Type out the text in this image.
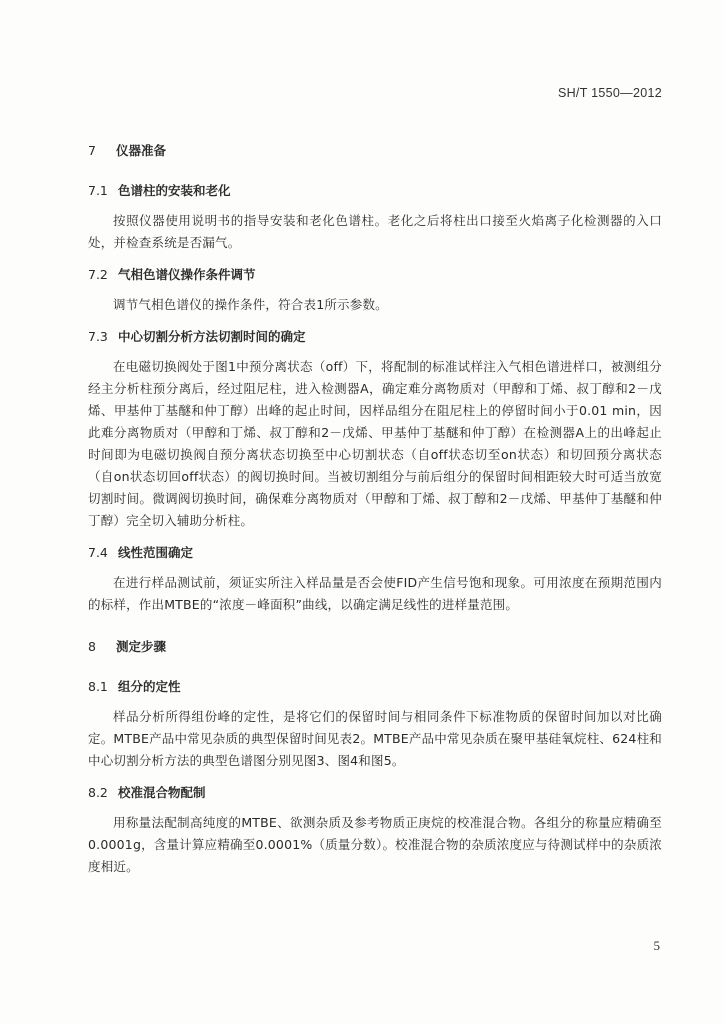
SH/T 1550—2012
7 仪器准备
7.1 色谱柱的安装和老化

按照仪器使用说明书的指导安装和老化色谱柱。老化之后将柱出口接至火焰离子化检测器的入口处，并检查系统是否漏气。

7.2 气相色谱仪操作条件调节

调节气相色谱仪的操作条件，符合表1所示参数。

7.3 中心切割分析方法切割时间的确定

在电磁切换阀处于图1中预分离状态（off）下，将配制的标准试样注入气相色谱进样口，被测组分经主分析柱预分离后，经过阻尼柱，进入检测器A，确定难分离物质对（甲醇和丁烯、叔丁醇和2－戊烯、甲基仲丁基醚和仲丁醇）出峰的起止时间，因样品组分在阻尼柱上的停留时间小于0.01 min，因此难分离物质对（甲醇和丁烯、叔丁醇和2－戊烯、甲基仲丁基醚和仲丁醇）在检测器A上的出峰起止时间即为电磁切换阀自预分离状态切换至中心切割状态（自off状态切至on状态）和切回预分离状态（自on状态切回off状态）的阀切换时间。当被切割组分与前后组分的保留时间相距较大时可适当放宽切割时间。微调阀切换时间，确保难分离物质对（甲醇和丁烯、叔丁醇和2－戊烯、甲基仲丁基醚和仲丁醇）完全切入辅助分析柱。

7.4 线性范围确定

在进行样品测试前，须证实所注入样品量是否会使FID产生信号饱和现象。可用浓度在预期范围内的标样，作出MTBE的“浓度－峰面积”曲线，以确定满足线性的进样量范围。

8 测定步骤
8.1 组分的定性

样品分析所得组份峰的定性，是将它们的保留时间与相同条件下标准物质的保留时间加以对比确定。MTBE产品中常见杂质的典型保留时间见表2。MTBE产品中常见杂质在聚甲基硅氧烷柱、624柱和中心切割分析方法的典型色谱图分别见图3、图4和图5。

8.2 校准混合物配制

用称量法配制高纯度的MTBE、欲测杂质及参考物质正庚烷的校准混合物。各组分的称量应精确至0.0001g，含量计算应精确至0.0001%（质量分数）。校准混合物的杂质浓度应与待测试样中的杂质浓度相近。

5
